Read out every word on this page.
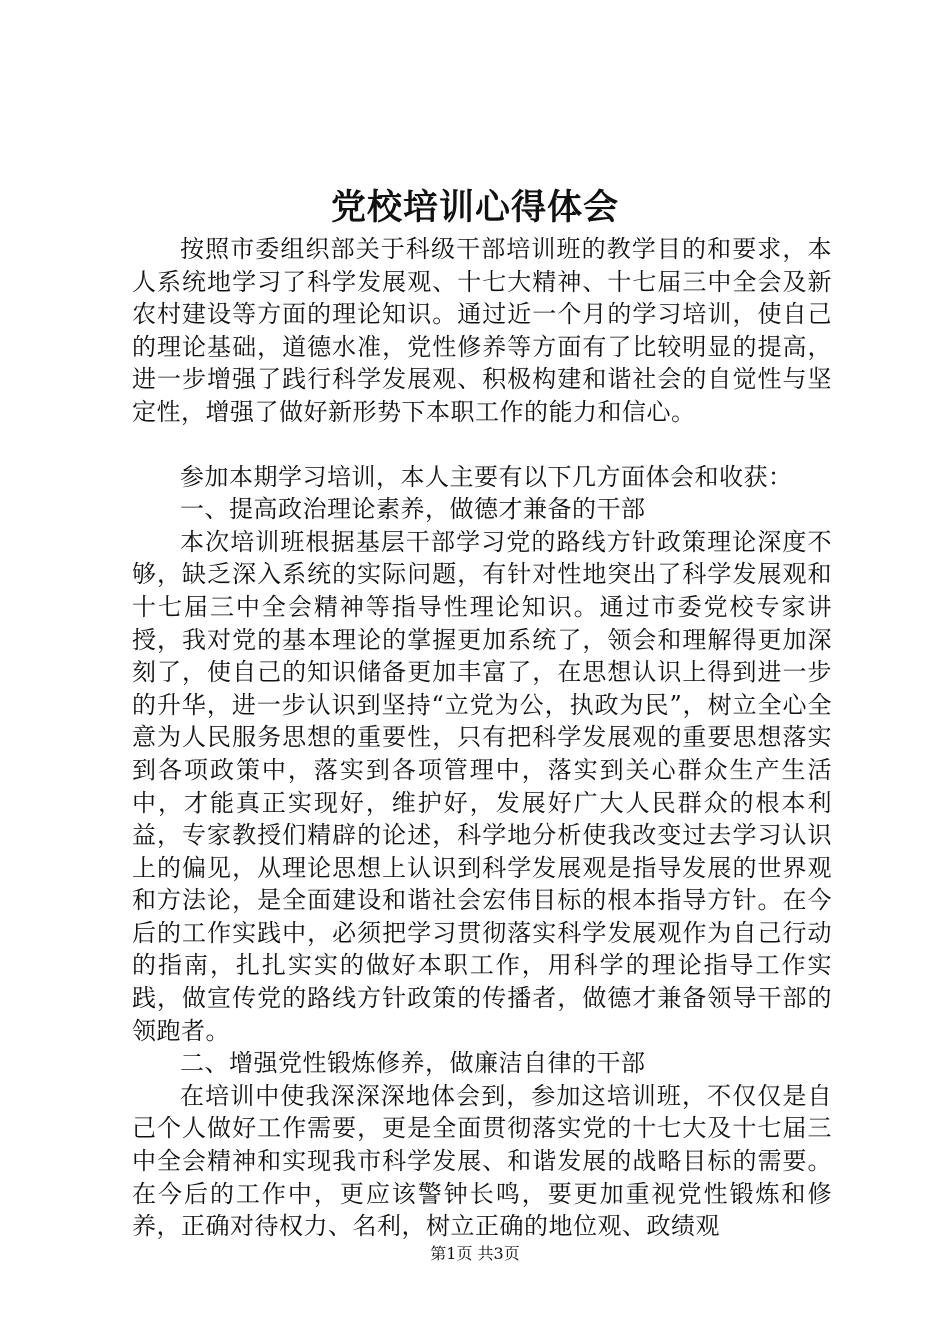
党校培训心得体会

按照市委组织部关于科级干部培训班的教学目的和要求，本人系统地学习了科学发展观、十七大精神、十七届三中全会及新农村建设等方面的理论知识。通过近一个月的学习培训，使自己的理论基础，道德水准，党性修养等方面有了比较明显的提高，进一步增强了践行科学发展观、积极构建和谐社会的自觉性与坚定性，增强了做好新形势下本职工作的能力和信心。

参加本期学习培训，本人主要有以下几方面体会和收获：

一、提高政治理论素养，做德才兼备的干部

本次培训班根据基层干部学习党的路线方针政策理论深度不够，缺乏深入系统的实际问题，有针对性地突出了科学发展观和十七届三中全会精神等指导性理论知识。通过市委党校专家讲授，我对党的基本理论的掌握更加系统了，领会和理解得更加深刻了，使自己的知识储备更加丰富了，在思想认识上得到进一步的升华，进一步认识到坚持“立党为公，执政为民”，树立全心全意为人民服务思想的重要性，只有把科学发展观的重要思想落实到各项政策中，落实到各项管理中，落实到关心群众生产生活中，才能真正实现好，维护好，发展好广大人民群众的根本利益，专家教授们精辟的论述，科学地分析使我改变过去学习认识上的偏见，从理论思想上认识到科学发展观是指导发展的世界观和方法论，是全面建设和谐社会宏伟目标的根本指导方针。在今后的工作实践中，必须把学习贯彻落实科学发展观作为自己行动的指南，扎扎实实的做好本职工作，用科学的理论指导工作实践，做宣传党的路线方针政策的传播者，做德才兼备领导干部的领跑者。

二、增强党性锻炼修养，做廉洁自律的干部

在培训中使我深深深地体会到，参加这培训班，不仅仅是自己个人做好工作需要，更是全面贯彻落实党的十七大及十七届三中全会精神和实现我市科学发展、和谐发展的战略目标的需要。在今后的工作中，更应该警钟长鸣，要更加重视党性锻炼和修养，正确对待权力、名利，树立正确的地位观、政绩观

第1页 共3页
